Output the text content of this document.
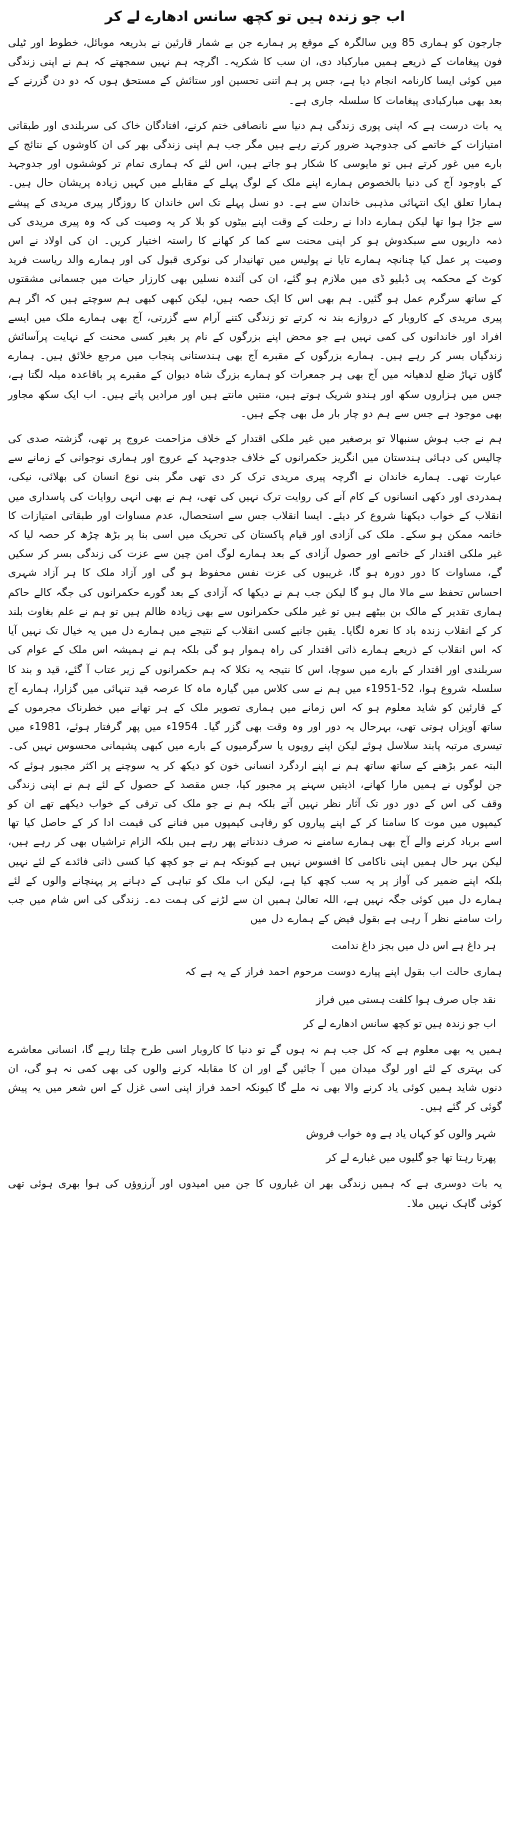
اب جو زندہ ہیں تو کچھ سانس ادھارے لے کر

جارجون کو ہماری 85 ویں سالگرہ کے موقع پر ہمارے جن بے شمار قارئین نے بذریعہ موبائل، خطوط اور ٹیلی فون پیغامات کے ذریعے ہمیں مبارکباد دی، ان سب کا شکریہ۔ اگرچہ ہم نہیں سمجھتے کہ ہم نے اپنی زندگی میں کوئی ایسا کارنامہ انجام دیا ہے، جس پر ہم اتنی تحسین اور ستائش کے مستحق ہوں کہ دو دن گزرنے کے بعد بھی مبارکبادی پیغامات کا سلسلہ جاری ہے۔

یہ بات درست ہے کہ اپنی پوری زندگی ہم دنیا سے نانصافی ختم کرنے، افتادگان خاک کی سربلندی اور طبقاتی امتیازات کے خاتمے کی جدوجہد ضرور کرتے رہے ہیں مگر جب ہم اپنی زندگی بھر کی ان کاوشوں کے نتائج کے بارے میں غور کرتے ہیں تو مایوسی کا شکار ہو جاتے ہیں، اس لئے کہ ہماری تمام تر کوششوں اور جدوجہد کے باوجود آج کی دنیا بالخصوص ہمارے اپنے ملک کے لوگ پہلے کے مقابلے میں کہیں زیادہ پریشان حال ہیں۔ ہمارا تعلق ایک انتہائی مذہبی خاندان سے ہے۔ دو نسل پہلے تک اس خاندان کا روزگار پیری مریدی کے پیشے سے جڑا ہوا تھا لیکن ہمارے دادا نے رحلت کے وقت اپنے بیٹوں کو بلا کر یہ وصیت کی کہ وہ پیری مریدی کی ذمہ داریوں سے سبکدوش ہو کر اپنی محنت سے کما کر کھانے کا راستہ اختیار کریں۔ ان کی اولاد نے اس وصیت پر عمل کیا چنانچہ ہمارے تایا نے پولیس میں تھانیدار کی نوکری قبول کی اور ہمارے والد ریاست فرید کوٹ کے محکمہ پی ڈبلیو ڈی میں ملازم ہو گئے، ان کی آئندہ نسلیں بھی کارزار حیات میں جسمانی مشقتوں کے ساتھ سرگرم عمل ہو گئیں۔ ہم بھی اس کا ایک حصہ ہیں، لیکن کبھی کبھی ہم سوچتے ہیں کہ اگر ہم پیری مریدی کے کاروبار کے دروازے بند نہ کرتے تو زندگی کتنے آرام سے گزرتی، آج بھی ہمارے ملک میں ایسے افراد اور خاندانوں کی کمی نہیں ہے جو محض اپنے بزرگوں کے نام پر بغیر کسی محنت کے نہایت پرآسائش زندگیاں بسر کر رہے ہیں۔ ہمارے بزرگوں کے مقبرے آج بھی ہندستانی پنجاب میں مرجع خلائق ہیں۔ ہمارے گاؤں تہاڑ ضلع لدھیانہ میں آج بھی ہر جمعرات کو ہمارے بزرگ شاہ دیوان کے مقبرے پر باقاعدہ میلہ لگتا ہے، جس میں ہزاروں سکھ اور ہندو شریک ہوتے ہیں، منتیں مانتے ہیں اور مرادیں پاتے ہیں۔ اب ایک سکھ مجاور بھی موجود ہے جس سے ہم دو چار بار مل بھی چکے ہیں۔

ہم نے جب ہوش سنبھالا تو برصغیر میں غیر ملکی اقتدار کے خلاف مزاحمت عروج پر تھی، گزشتہ صدی کی چالیس کی دہائی ہندستان میں انگریز حکمرانوں کے خلاف جدوجہد کے عروج اور ہماری نوجوانی کے زمانے سے عبارت تھی۔ ہمارے خاندان نے اگرچہ پیری مریدی ترک کر دی تھی مگر بنی نوع انسان کی بھلائی، نیکی، ہمدردی اور دکھی انسانوں کے کام آنے کی روایت ترک نہیں کی تھی، ہم نے بھی انہی روایات کی پاسداری میں انقلاب کے خواب دیکھنا شروع کر دیئے۔ ایسا انقلاب جس سے استحصال، عدم مساوات اور طبقاتی امتیازات کا خاتمہ ممکن ہو سکے۔ ملک کی آزادی اور قیام پاکستان کی تحریک میں اسی بنا پر بڑھ چڑھ کر حصہ لیا کہ غیر ملکی اقتدار کے خاتمے اور حصول آزادی کے بعد ہمارے لوگ امن چین سے عزت کی زندگی بسر کر سکیں گے، مساوات کا دور دورہ ہو گا، غریبوں کی عزت نفس محفوظ ہو گی اور آزاد ملک کا ہر آزاد شہری احساس تحفظ سے مالا مال ہو گا لیکن جب ہم نے دیکھا کہ آزادی کے بعد گورے حکمرانوں کی جگہ کالے حاکم ہماری تقدیر کے مالک بن بیٹھے ہیں تو غیر ملکی حکمرانوں سے بھی زیادہ ظالم ہیں تو ہم نے علم بغاوت بلند کر کے انقلاب زندہ باد کا نعرہ لگایا۔ یقین جانیے کسی انقلاب کے نتیجے میں ہمارے دل میں یہ خیال تک نہیں آیا کہ اس انقلاب کے ذریعے ہمارے ذاتی اقتدار کی راہ ہموار ہو گی بلکہ ہم نے ہمیشہ اس ملک کے عوام کی سربلندی اور اقتدار کے بارے میں سوچا، اس کا نتیجہ یہ نکلا کہ ہم حکمرانوں کے زیر عتاب آ گئے، قید و بند کا سلسلہ شروع ہوا، 52-1951ء میں ہم نے سی کلاس میں گیارہ ماہ کا عرصہ قید تنہائی میں گزارا، ہمارے آج کے قارئین کو شاید معلوم ہو کہ اس زمانے میں ہماری تصویر ملک کے ہر تھانے میں خطرناک مجرموں کے ساتھ آویزاں ہوتی تھی، بہرحال یہ دور اور وہ وقت بھی گزر گیا۔ 1954ء میں پھر گرفتار ہوئے، 1981ء میں تیسری مرتبہ پابند سلاسل ہوئے لیکن اپنے رویوں یا سرگرمیوں کے بارے میں کبھی پشیمانی محسوس نہیں کی۔ البتہ عمر بڑھنے کے ساتھ ساتھ ہم نے اپنے اردگرد انسانی خون کو دیکھ کر یہ سوچنے پر اکثر مجبور ہوئے کہ جن لوگوں نے ہمیں مارا کھانے، اذیتیں سہنے پر مجبور کیا، جس مقصد کے حصول کے لئے ہم نے اپنی زندگی وقف کی اس کے دور دور تک آثار نظر نہیں آتے بلکہ ہم نے جو ملک کی ترقی کے خواب دیکھے تھے ان کو کیمپوں میں موت کا سامنا کر کے اپنے پیاروں کو رفاہی کیمپوں میں فنانے کی قیمت ادا کر کے حاصل کیا تھا اسے برباد کرنے والے آج بھی ہمارے سامنے نہ صرف دندناتے پھر رہے ہیں بلکہ الزام تراشیاں بھی کر رہے ہیں، لیکن بہر حال ہمیں اپنی ناکامی کا افسوس نہیں ہے کیونکہ ہم نے جو کچھ کیا کسی ذاتی فائدے کے لئے نہیں بلکہ اپنے ضمیر کی آواز پر یہ سب کچھ کیا ہے، لیکن اب ملک کو تباہی کے دہانے پر پہنچانے والوں کے لئے ہمارے دل میں کوئی جگہ نہیں ہے، اللہ تعالیٰ ہمیں ان سے لڑنے کی ہمت دے۔ زندگی کی اس شام میں جب رات سامنے نظر آ رہی ہے بقول فیض کے ہمارے دل میں

ہر داغ ہے اس دل میں بجز داغ ندامت

ہماری حالت اب بقول اپنے پیارے دوست مرحوم احمد فراز کے یہ ہے کہ

نقد جاں صرف ہوا کلفت ہستی میں فراز
اب جو زندہ ہیں تو کچھ سانس ادھارے لے کر

ہمیں یہ بھی معلوم ہے کہ کل جب ہم نہ ہوں گے تو دنیا کا کاروبار اسی طرح چلتا رہے گا، انسانی معاشرے کی بہتری کے لئے اور لوگ میدان میں آ جائیں گے اور ان کا مقابلہ کرنے والوں کی بھی کمی نہ ہو گی، ان دنوں شاید ہمیں کوئی یاد کرنے والا بھی نہ ملے گا کیونکہ احمد فراز اپنی اسی غزل کے اس شعر میں یہ پیش گوئی کر گئے ہیں۔

شہر والوں کو کہاں یاد ہے وہ خواب فروش
پھرتا رہتا تھا جو گلیوں میں غبارے لے کر

یہ بات دوسری ہے کہ ہمیں زندگی بھر ان غباروں کا جن میں امیدوں اور آرزوؤں کی ہوا بھری ہوئی تھی کوئی گاہک نہیں ملا۔
